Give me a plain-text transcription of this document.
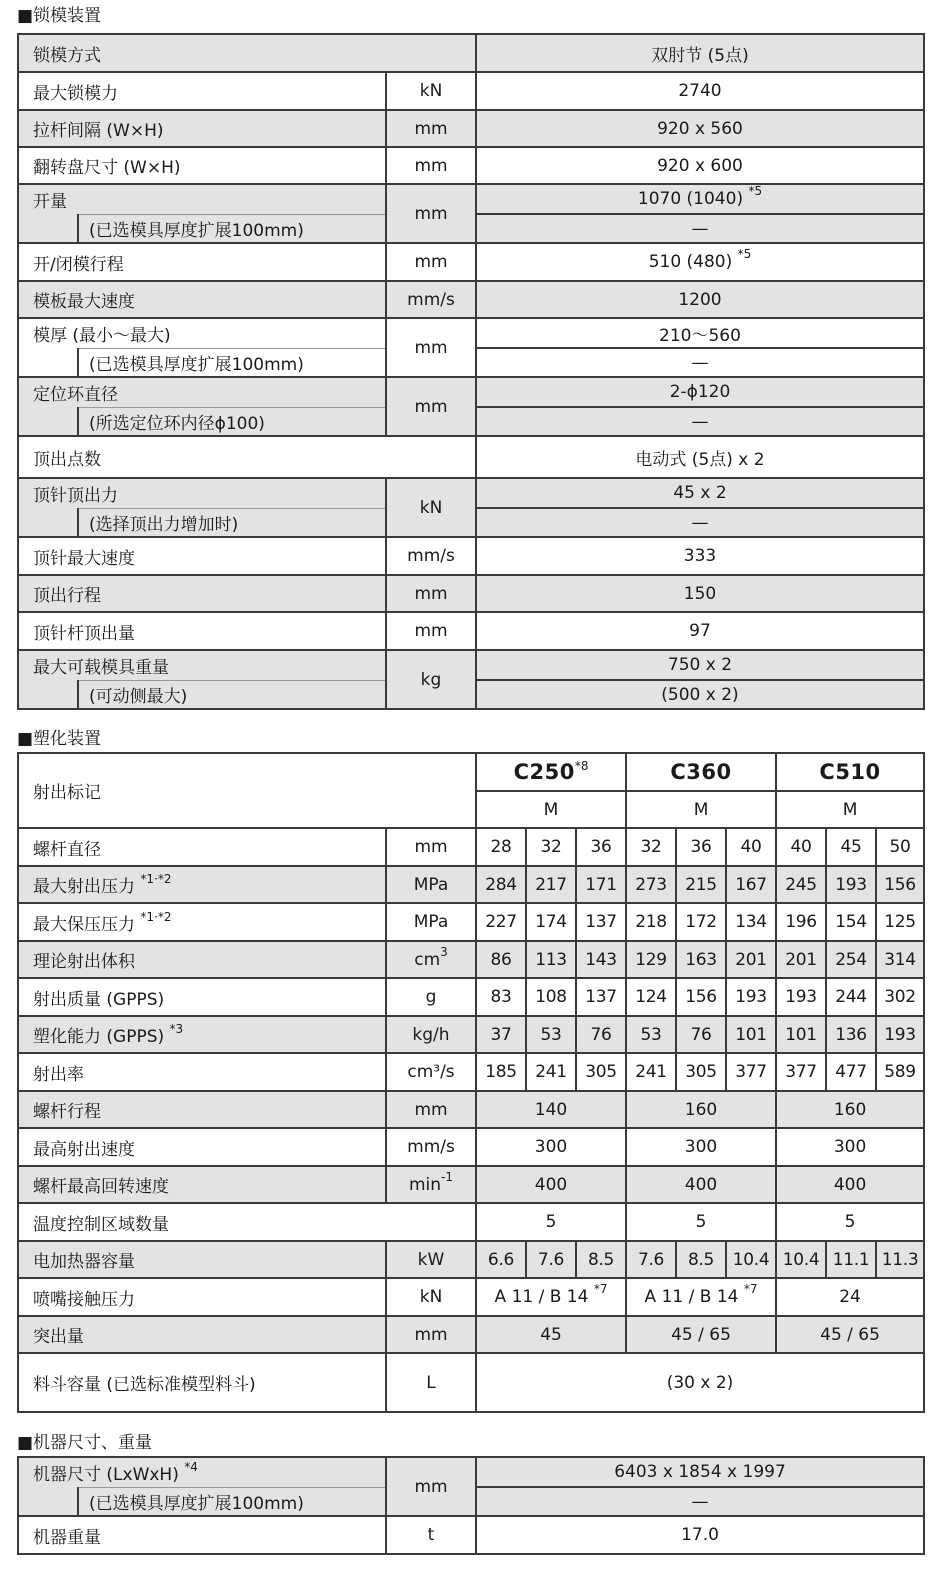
■锁模装置
锁模方式			双肘节 (5点)
最大锁模力		kN	2740
拉杆间隔 (W×H)		mm	920 x 560
翻转盘尺寸 (W×H)		mm	920 x 600
开量		mm	1070 (1040) $^{*5}$
	(已选模具厚度扩展100mm)		—
开/闭模行程		mm	510 (480) $^{*5}$
模板最大速度		mm/s	1200
模厚 (最小～最大)		mm	210～560
	(已选模具厚度扩展100mm)		—
定位环直径		mm	2-ϕ120
	(所选定位环内径ϕ100)		—
顶出点数			电动式 (5点) x 2
顶针顶出力		kN	45 x 2
	(选择顶出力增加时)		—
顶针最大速度		mm/s	333
顶出行程		mm	150
顶针杆顶出量		mm	97
最大可载模具重量		kg	750 x 2
	(可动侧最大)		(500 x 2)
■塑化装置
射出标记		C250$^{*8}$			C360			C510		
		M			M			M		
螺杆直径	mm	28	32	36	32	36	40	40	45	50
最大射出压力 $^{*1\cdot*2}$	MPa	284	217	171	273	215	167	245	193	156
最大保压压力 $^{*1\cdot*2}$	MPa	227	174	137	218	172	134	196	154	125
理论射出体积	$cm^3$	86	113	143	129	163	201	201	254	314
射出质量 (GPPS)	g	83	108	137	124	156	193	193	244	302
塑化能力 (GPPS) $^{*3}$	kg/h	37	53	76	53	76	101	101	136	193
射出率	cm³/s	185	241	305	241	305	377	377	477	589
螺杆行程	mm	140			160			160		
最高射出速度	mm/s	300			300			300		
螺杆最高回转速度	$\min^{-1}$	400			400			400		
温度控制区域数量		5			5			5		
电加热器容量	kW	6.6	7.6	8.5	7.6	8.5	10.4	10.4	11.1	11.3
喷嘴接触压力	kN	A 11 / B 14 $^{*7}$			A 11 / B 14 $^{*7}$			24		
突出量	mm	45			45 / 65			45 / 65		
料斗容量 (已选标准模型料斗)	L	(30 x 2)								
■机器尺寸、重量
机器尺寸 (LxWxH) $^{*4}$		mm	6403 x 1854 x 1997
	(已选模具厚度扩展100mm)		—
机器重量		t	17.0
